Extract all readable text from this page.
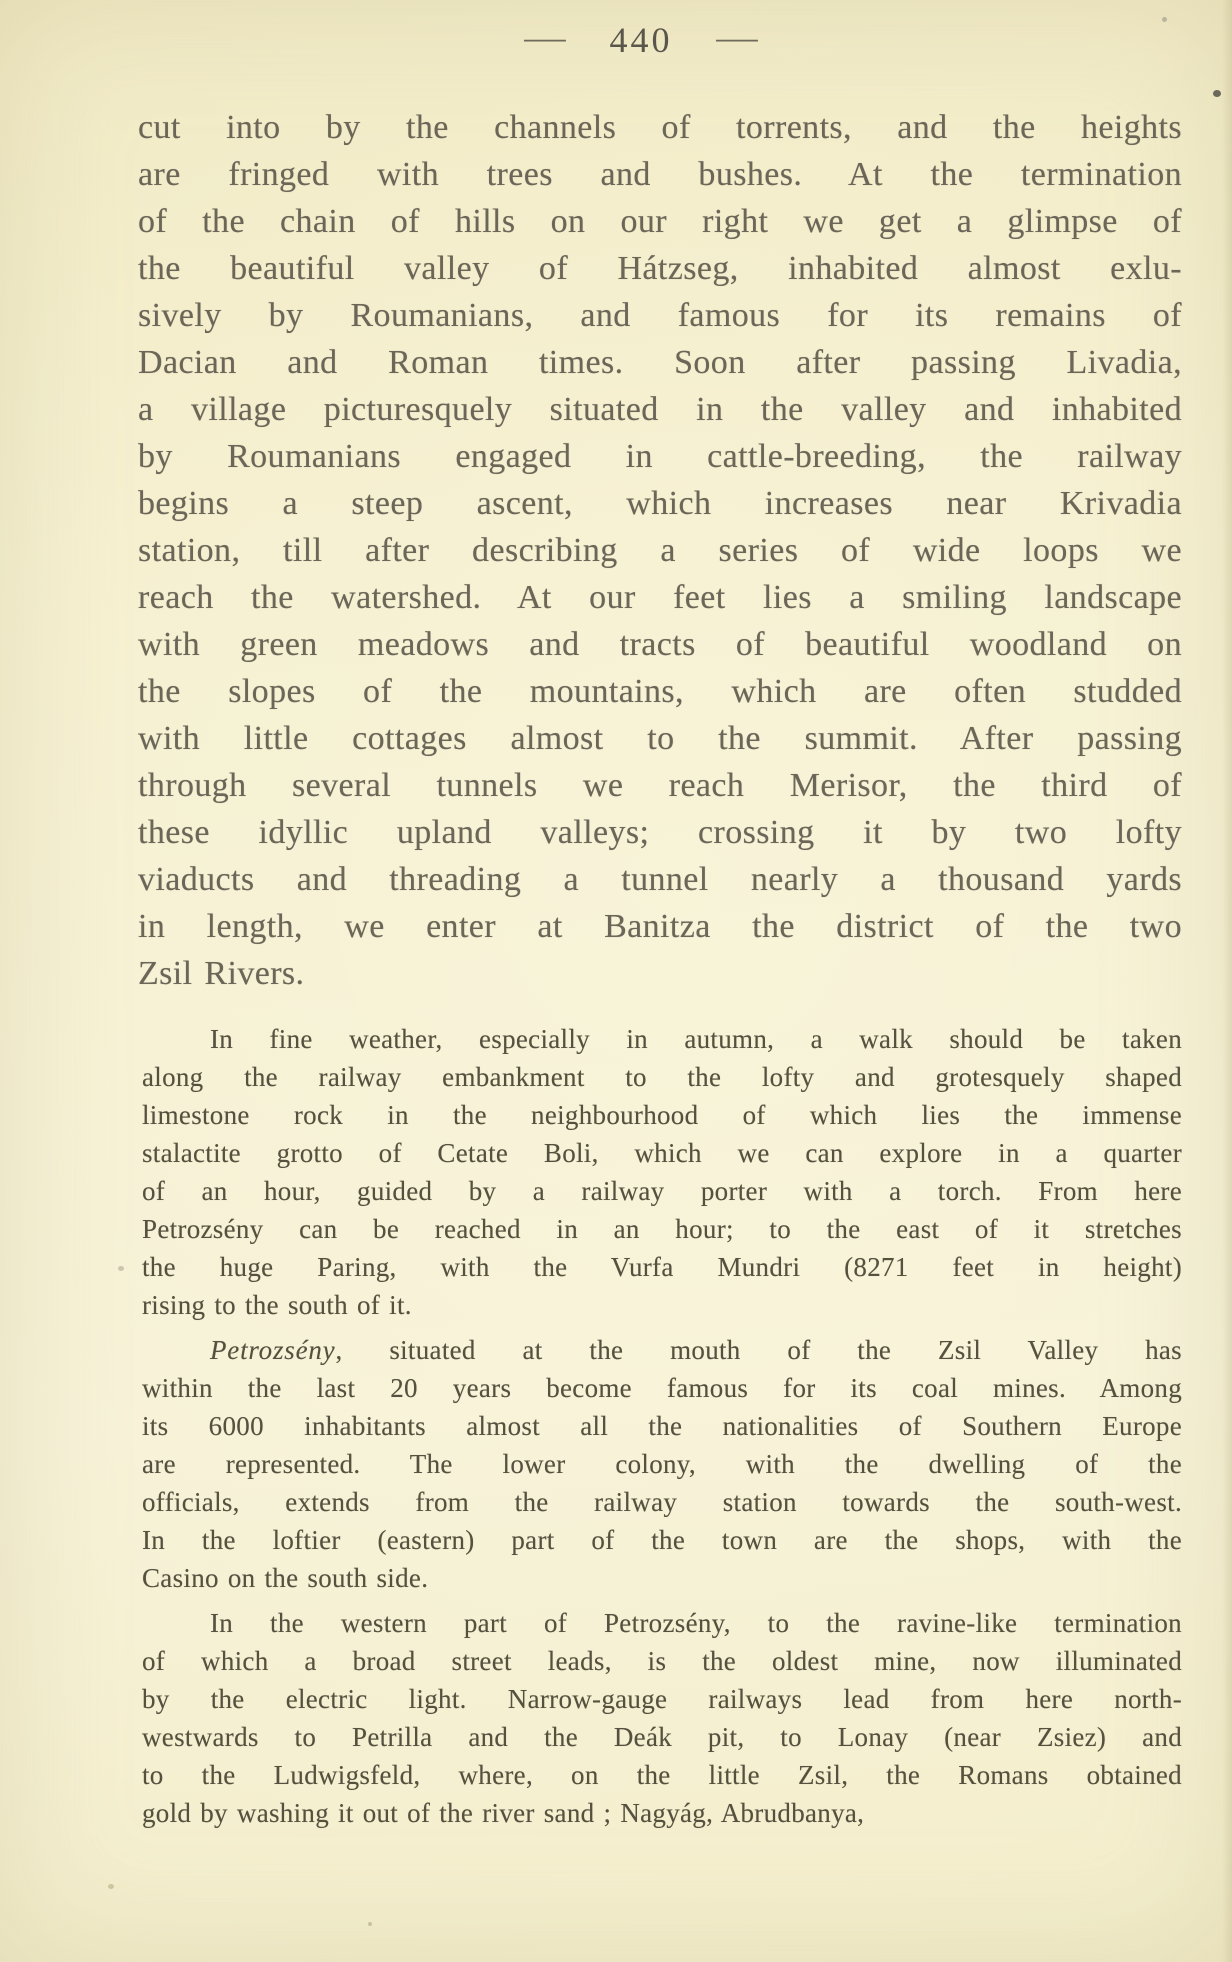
— 440 —
cut into by the channels of torrents, and the heights
are fringed with trees and bushes. At the termination
of the chain of hills on our right we get a glimpse of
the beautiful valley of Hátzseg, inhabited almost exlu-
sively by Roumanians, and famous for its remains of
Dacian and Roman times. Soon after passing Livadia,
a village picturesquely situated in the valley and inhabited
by Roumanians engaged in cattle-breeding, the railway
begins a steep ascent, which increases near Krivadia
station, till after describing a series of wide loops we
reach the watershed. At our feet lies a smiling landscape
with green meadows and tracts of beautiful woodland on
the slopes of the mountains, which are often studded
with little cottages almost to the summit. After passing
through several tunnels we reach Merisor, the third of
these idyllic upland valleys; crossing it by two lofty
viaducts and threading a tunnel nearly a thousand yards
in length, we enter at Banitza the district of the two
Zsil Rivers.
In fine weather, especially in autumn, a walk should be taken
along the railway embankment to the lofty and grotesquely shaped
limestone rock in the neighbourhood of which lies the immense
stalactite grotto of Cetate Boli, which we can explore in a quarter
of an hour, guided by a railway porter with a torch. From here
Petrozsény can be reached in an hour; to the east of it stretches
the huge Paring, with the Vurfa Mundri (8271 feet in height)
rising to the south of it.
Petrozsény, situated at the mouth of the Zsil Valley has
within the last 20 years become famous for its coal mines. Among
its 6000 inhabitants almost all the nationalities of Southern Europe
are represented. The lower colony, with the dwelling of the
officials, extends from the railway station towards the south-west.
In the loftier (eastern) part of the town are the shops, with the
Casino on the south side.
In the western part of Petrozsény, to the ravine-like termination
of which a broad street leads, is the oldest mine, now illuminated
by the electric light. Narrow-gauge railways lead from here north-
westwards to Petrilla and the Deák pit, to Lonay (near Zsiez) and
to the Ludwigsfeld, where, on the little Zsil, the Romans obtained
gold by washing it out of the river sand ; Nagyág, Abrudbanya,
